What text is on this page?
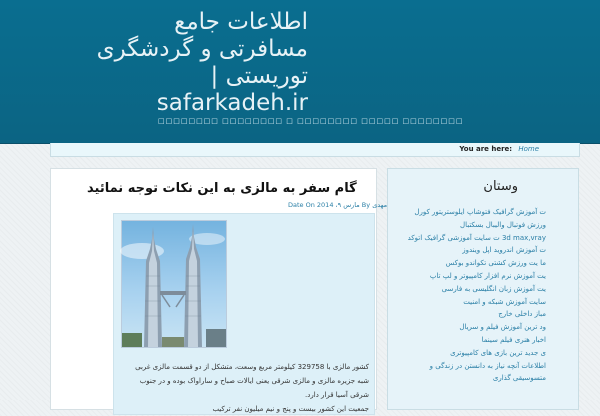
اطلاعات جامع
مسافرتی و گردشگری
توریستی |
safarkadeh.ir
□□□□□□□□ □□□□□□□□ □ □□□□□□□□ □□□□□ □□□□□□□□
You are here: Home
گام سفر به مالزی به این نکات توجه نمائید
Date On مارس ۹، 2014 By مهدی

کشور مالزی با 329758 کیلومتر مربع وسعت، متشکل از دو قسمت مالزی غربی شبه جزیره مالزی و مالزی شرقی یعنی ایالات صباح و ساراواک بوده و در جنوب شرقی آسیا قرار دارد.
جمعیت این کشور بیست و پنج و نیم میلیون نفر ترکیب

وستان
ت آموزش گرافیک فتوشاپ ایلوستریتور کورل
ورزش فوتبال والیبال بسکتبال
3d max,vray ت سایت آموزشی گرافیک اتوکد
ت آموزش اندروید اپل ویندوز
ما یت ورزش کشتی تکواندو بوکس
یت آموزش نرم افزار کامپیوتر و لپ تاپ
یت آموزش زبان انگلیسی به فارسی
سایت آموزش شبکه و امنیت
مباز داخلی خارج
ود ترین آموزش فیلم و سریال
اخبار هنری فیلم سینما
ی جدید ترین بازی های کامپیوتری
اطلاعات آنچه نیاز به دانستن در زندگی و
متسوسیقی گذاری
